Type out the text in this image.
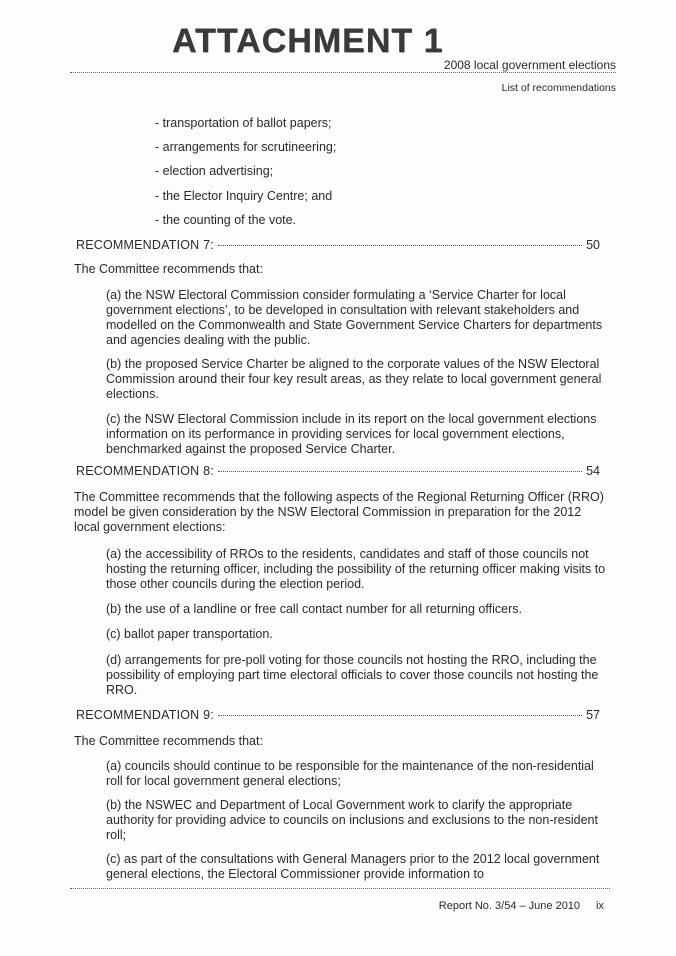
ATTACHMENT 1
2008 local government elections
List of recommendations
- transportation of ballot papers;
- arrangements for scrutineering;
- election advertising;
- the Elector Inquiry Centre; and
- the counting of the vote.
RECOMMENDATION 7:	50
The Committee recommends that:
(a) the NSW Electoral Commission consider formulating a ‘Service Charter for local government elections’, to be developed in consultation with relevant stakeholders and modelled on the Commonwealth and State Government Service Charters for departments and agencies dealing with the public.
(b) the proposed Service Charter be aligned to the corporate values of the NSW Electoral Commission around their four key result areas, as they relate to local government general elections.
(c) the NSW Electoral Commission include in its report on the local government elections information on its performance in providing services for local government elections, benchmarked against the proposed Service Charter.
RECOMMENDATION 8:	54
The Committee recommends that the following aspects of the Regional Returning Officer (RRO) model be given consideration by the NSW Electoral Commission in preparation for the 2012 local government elections:
(a) the accessibility of RROs to the residents, candidates and staff of those councils not hosting the returning officer, including the possibility of the returning officer making visits to those other councils during the election period.
(b) the use of a landline or free call contact number for all returning officers.
(c) ballot paper transportation.
(d) arrangements for pre-poll voting for those councils not hosting the RRO, including the possibility of employing part time electoral officials to cover those councils not hosting the RRO.
RECOMMENDATION 9:	57
The Committee recommends that:
(a) councils should continue to be responsible for the maintenance of the non-residential roll for local government general elections;
(b) the NSWEC and Department of Local Government work to clarify the appropriate authority for providing advice to councils on inclusions and exclusions to the non-resident roll;
(c) as part of the consultations with General Managers prior to the 2012 local government general elections, the Electoral Commissioner provide information to
Report No. 3/54 – June 2010 ix
